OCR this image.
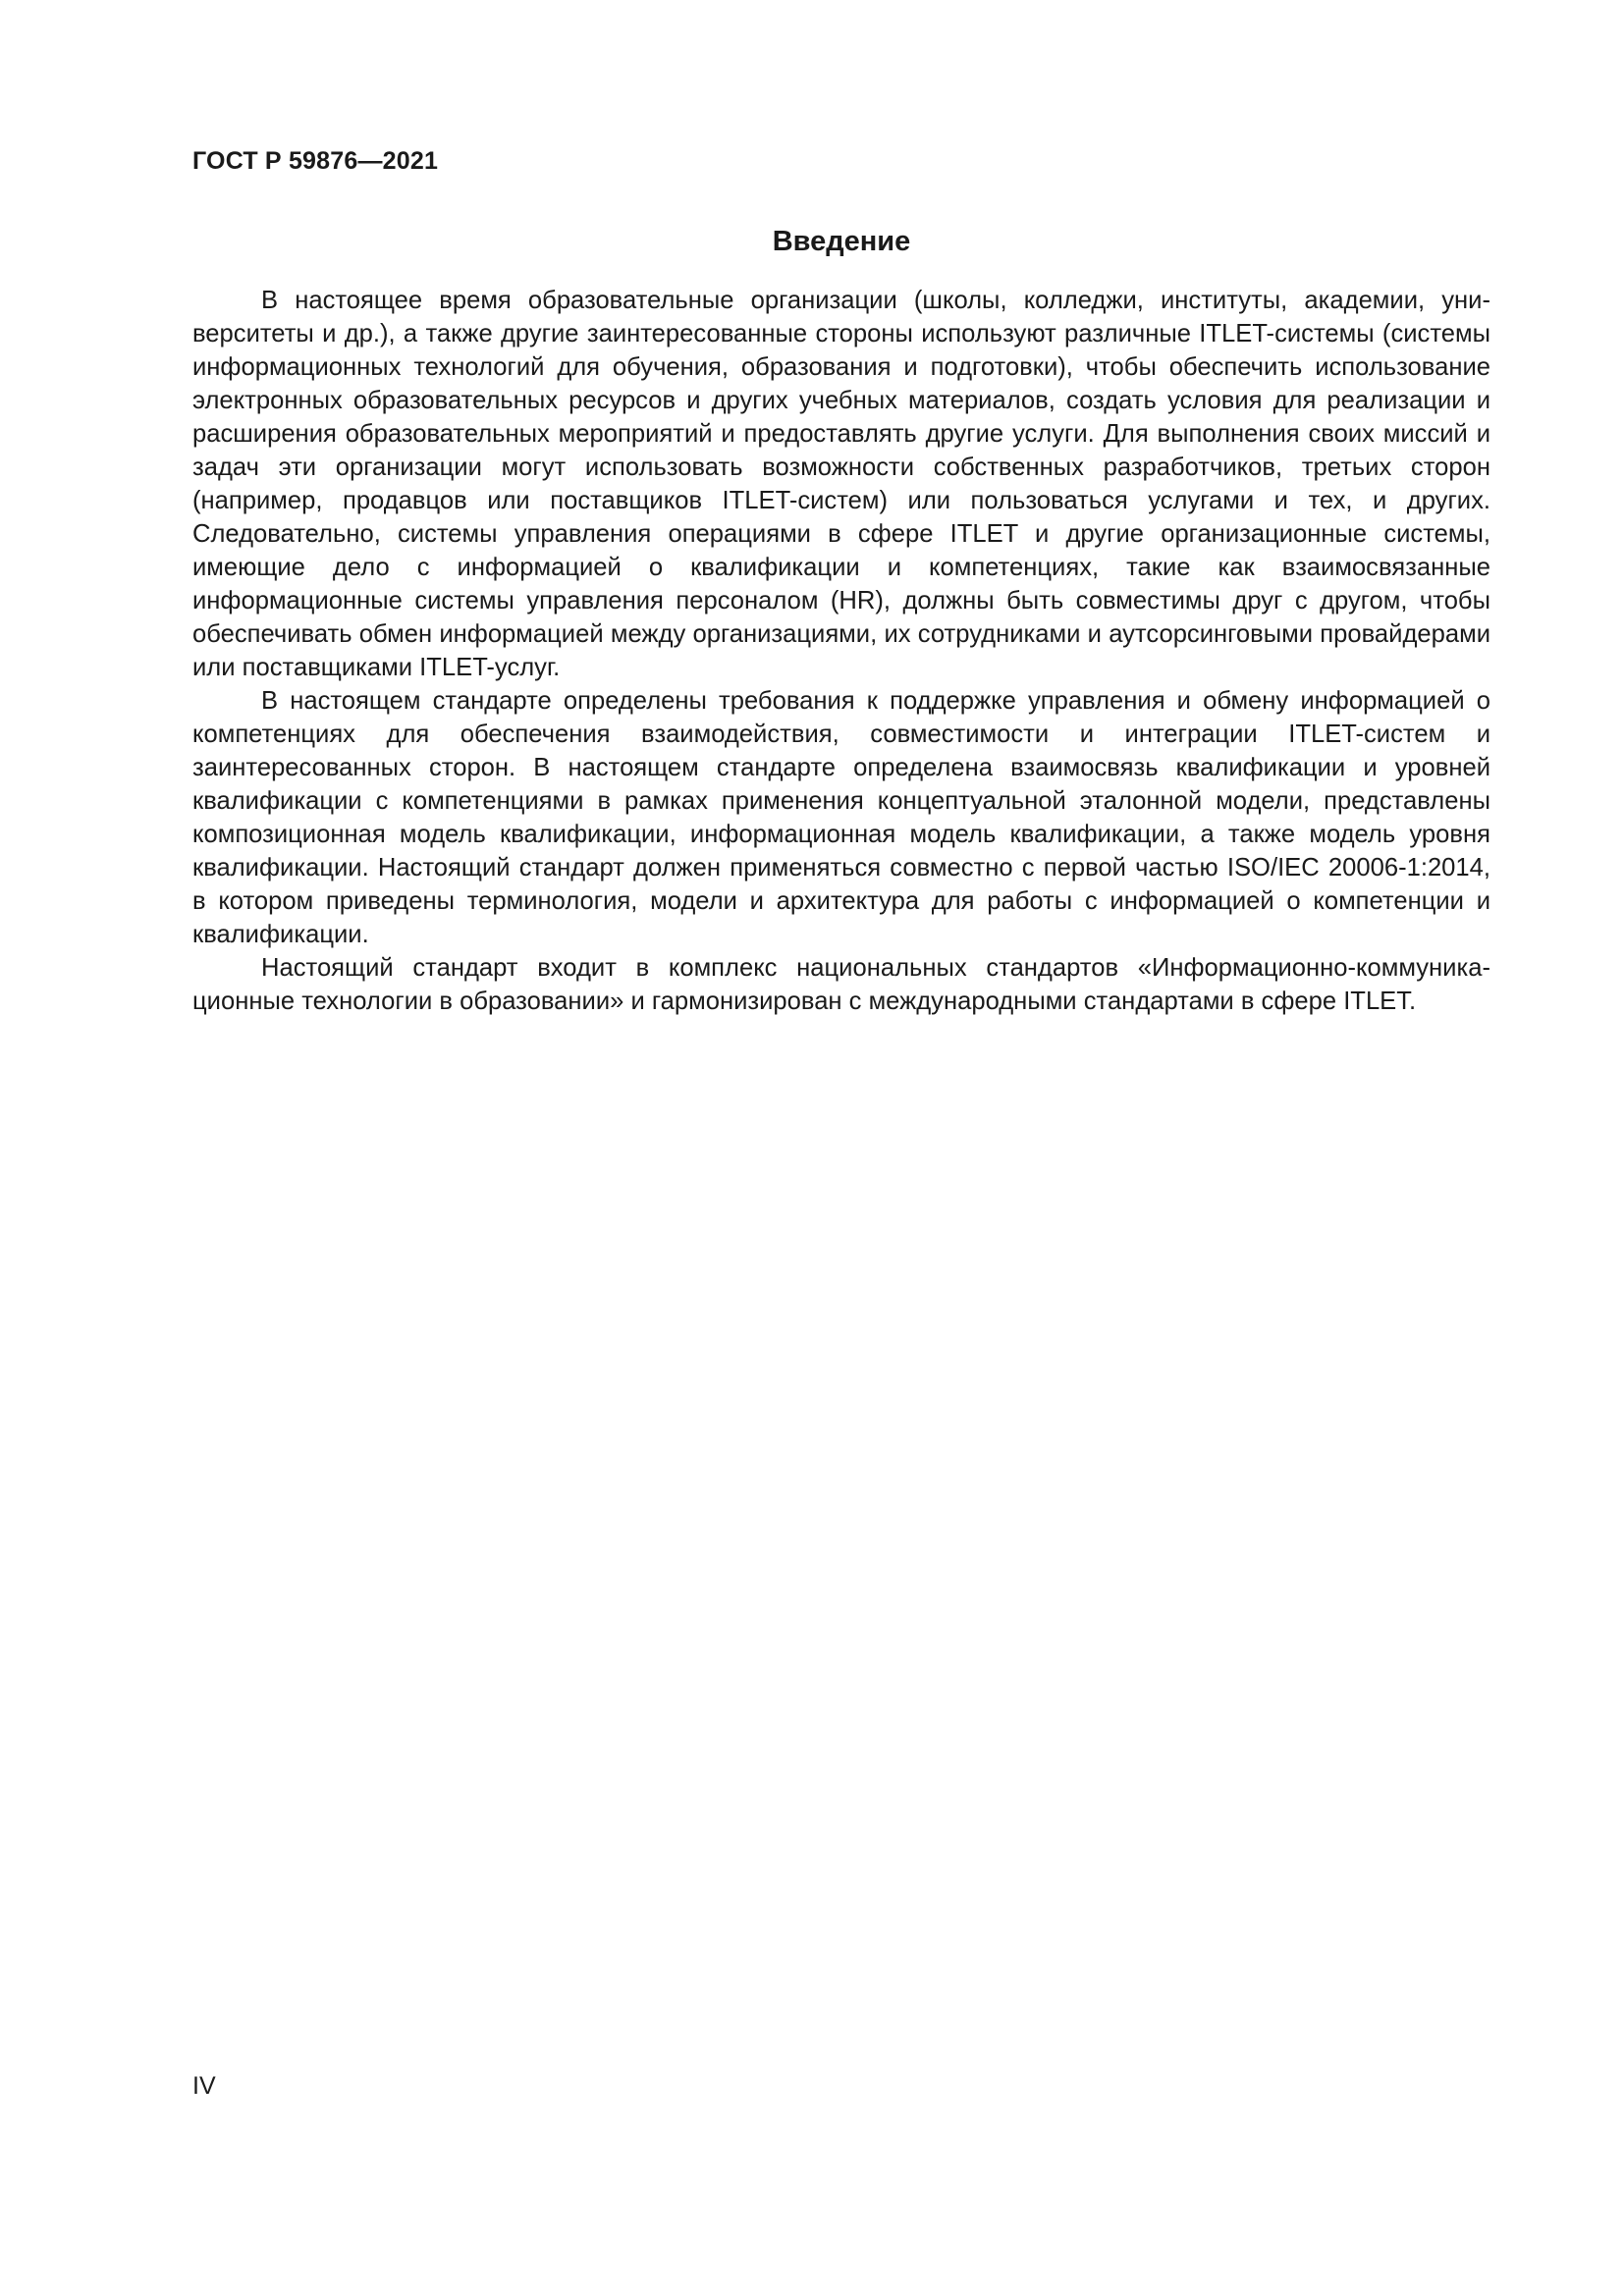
ГОСТ Р 59876—2021
Введение

В настоящее время образовательные организации (школы, колледжи, институты, академии, университеты и др.), а также другие заинтересованные стороны используют различные ITLET-системы (системы информационных технологий для обучения, образования и подготовки), чтобы обеспечить использование электронных образовательных ресурсов и других учебных материалов, создать условия для реализации и расширения образовательных мероприятий и предоставлять другие услуги. Для выполнения своих миссий и задач эти организации могут использовать возможности собственных разработчиков, третьих сторон (например, продавцов или поставщиков ITLET-систем) или пользоваться услугами и тех, и других. Следовательно, системы управления операциями в сфере ITLET и другие организационные системы, имеющие дело с информацией о квалификации и компетенциях, такие как взаимосвязанные информационные системы управления персоналом (HR), должны быть совместимы друг с другом, чтобы обеспечивать обмен информацией между организациями, их сотрудниками и аутсорсинговыми провайдерами или поставщиками ITLET-услуг.

В настоящем стандарте определены требования к поддержке управления и обмену информацией о компетенциях для обеспечения взаимодействия, совместимости и интеграции ITLET-систем и заинтересованных сторон. В настоящем стандарте определена взаимосвязь квалификации и уровней квалификации с компетенциями в рамках применения концептуальной эталонной модели, представлены композиционная модель квалификации, информационная модель квалификации, а также модель уровня квалификации. Настоящий стандарт должен применяться совместно с первой частью ISO/IEC 20006-1:2014, в котором приведены терминология, модели и архитектура для работы с информацией о компетенции и квалификации.

Настоящий стандарт входит в комплекс национальных стандартов «Информационно-коммуникационные технологии в образовании» и гармонизирован с международными стандартами в сфере ITLET.

IV
